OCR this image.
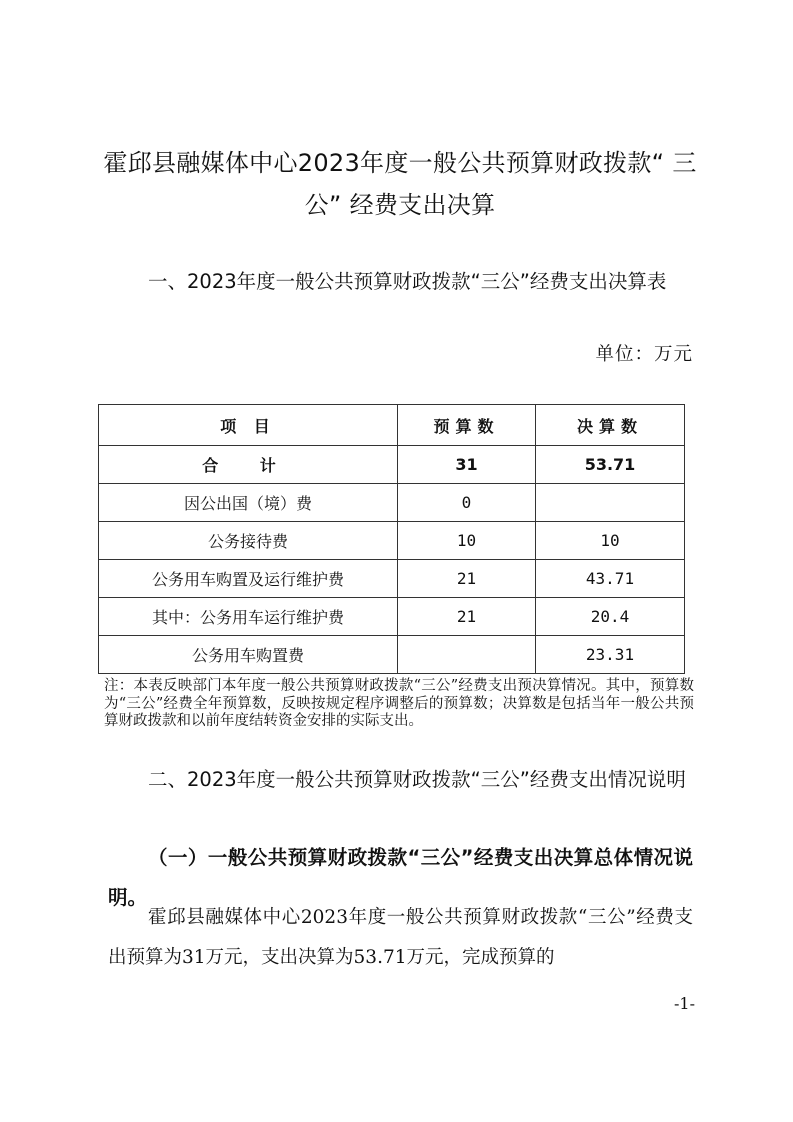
霍邱县融媒体中心2023年度一般公共预算财政拨款“ 三公” 经费支出决算
一、2023年度一般公共预算财政拨款“三公”经费支出决算表
单位：万元
项 目	预算数	决算数
合 计	31	53.71
因公出国（境）费	0	
公务接待费	10	10
公务用车购置及运行维护费	21	43.71
其中：公务用车运行维护费	21	20.4
公务用车购置费		23.31
注：本表反映部门本年度一般公共预算财政拨款“三公”经费支出预决算情况。其中，预算数为“三公”经费全年预算数，反映按规定程序调整后的预算数；决算数是包括当年一般公共预算财政拨款和以前年度结转资金安排的实际支出。
二、2023年度一般公共预算财政拨款“三公”经费支出情况说明
（一）一般公共预算财政拨款“三公”经费支出决算总体情况说明。
霍邱县融媒体中心2023年度一般公共预算财政拨款“三公”经费支出预算为31万元，支出决算为53.71万元，完成预算的
-1-
